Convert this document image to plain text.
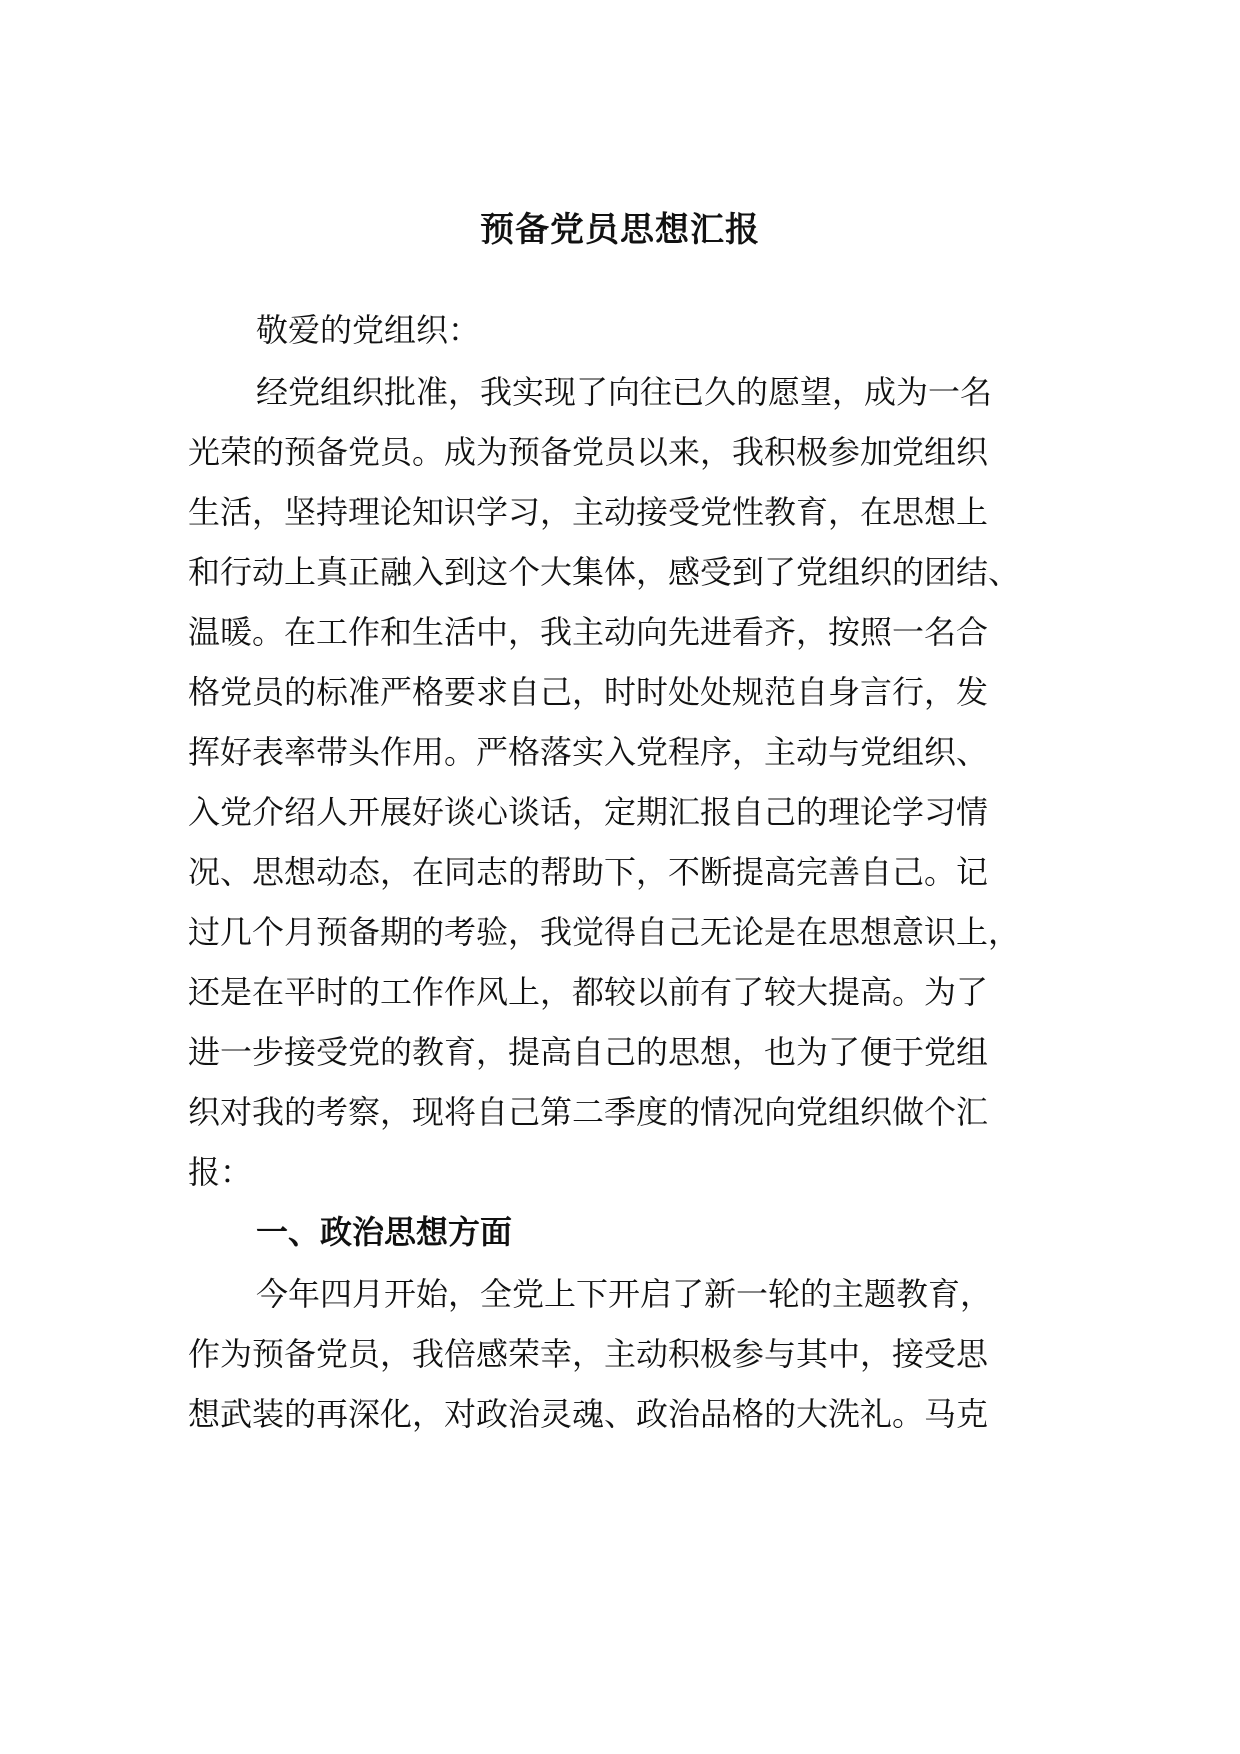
预备党员思想汇报
敬爱的党组织：
经党组织批准，我实现了向往已久的愿望，成为一名
光荣的预备党员。成为预备党员以来，我积极参加党组织
生活，坚持理论知识学习，主动接受党性教育，在思想上
和行动上真正融入到这个大集体，感受到了党组织的团结、
温暖。在工作和生活中，我主动向先进看齐，按照一名合
格党员的标准严格要求自己，时时处处规范自身言行，发
挥好表率带头作用。严格落实入党程序，主动与党组织、
入党介绍人开展好谈心谈话，定期汇报自己的理论学习情
况、思想动态，在同志的帮助下，不断提高完善自己。记
过几个月预备期的考验，我觉得自己无论是在思想意识上，
还是在平时的工作作风上，都较以前有了较大提高。为了
进一步接受党的教育，提高自己的思想，也为了便于党组
织对我的考察，现将自己第二季度的情况向党组织做个汇
报：
一、政治思想方面
今年四月开始，全党上下开启了新一轮的主题教育，
作为预备党员，我倍感荣幸，主动积极参与其中，接受思
想武装的再深化，对政治灵魂、政治品格的大洗礼。马克
